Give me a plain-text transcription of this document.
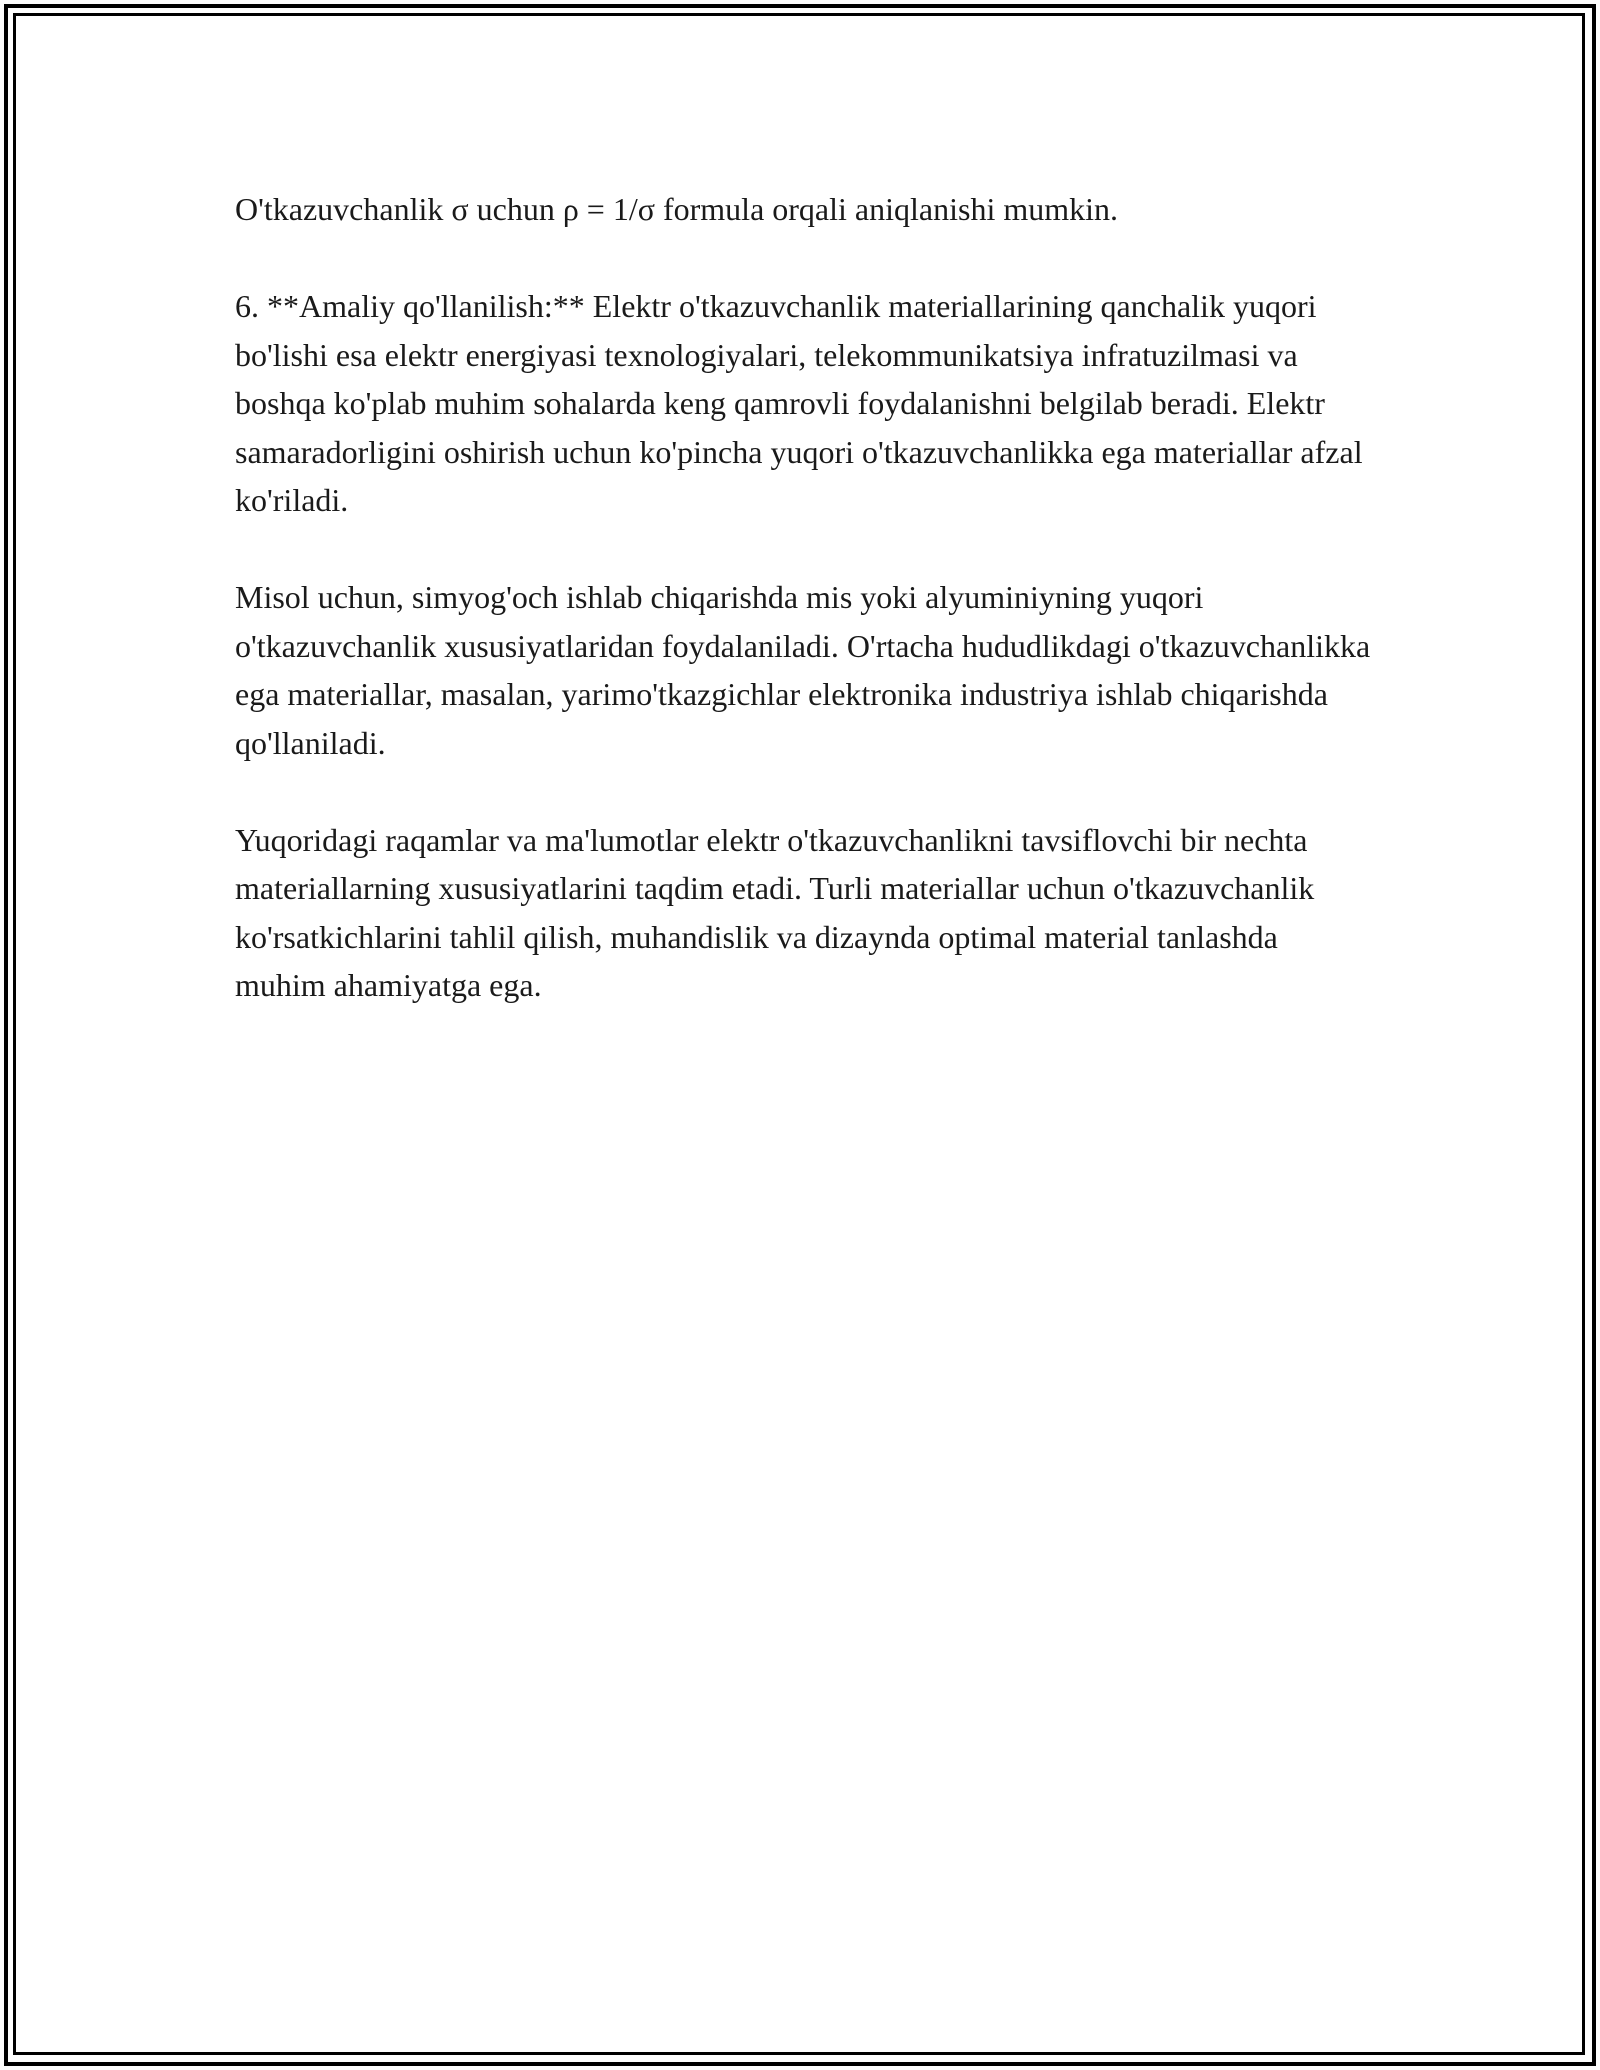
O'tkazuvchanlik σ uchun ρ = 1/σ formula orqali aniqlanishi mumkin.

6. **Amaliy qo'llanilish:** Elektr o'tkazuvchanlik materiallarining qanchalik yuqori bo'lishi esa elektr energiyasi texnologiyalari, telekommunikatsiya infratuzilmasi va boshqa ko'plab muhim sohalarda keng qamrovli foydalanishni belgilab beradi. Elektr samaradorligini oshirish uchun ko'pincha yuqori o'tkazuvchanlikka ega materiallar afzal ko'riladi.

Misol uchun, simyog'och ishlab chiqarishda mis yoki alyuminiyning yuqori o'tkazuvchanlik xususiyatlaridan foydalaniladi. O'rtacha hududlikdagi o'tkazuvchanlikka ega materiallar, masalan, yarimo'tkazgichlar elektronika industriya ishlab chiqarishda qo'llaniladi.

Yuqoridagi raqamlar va ma'lumotlar elektr o'tkazuvchanlikni tavsiflovchi bir nechta materiallarning xususiyatlarini taqdim etadi. Turli materiallar uchun o'tkazuvchanlik ko'rsatkichlarini tahlil qilish, muhandislik va dizaynda optimal material tanlashda muhim ahamiyatga ega.
